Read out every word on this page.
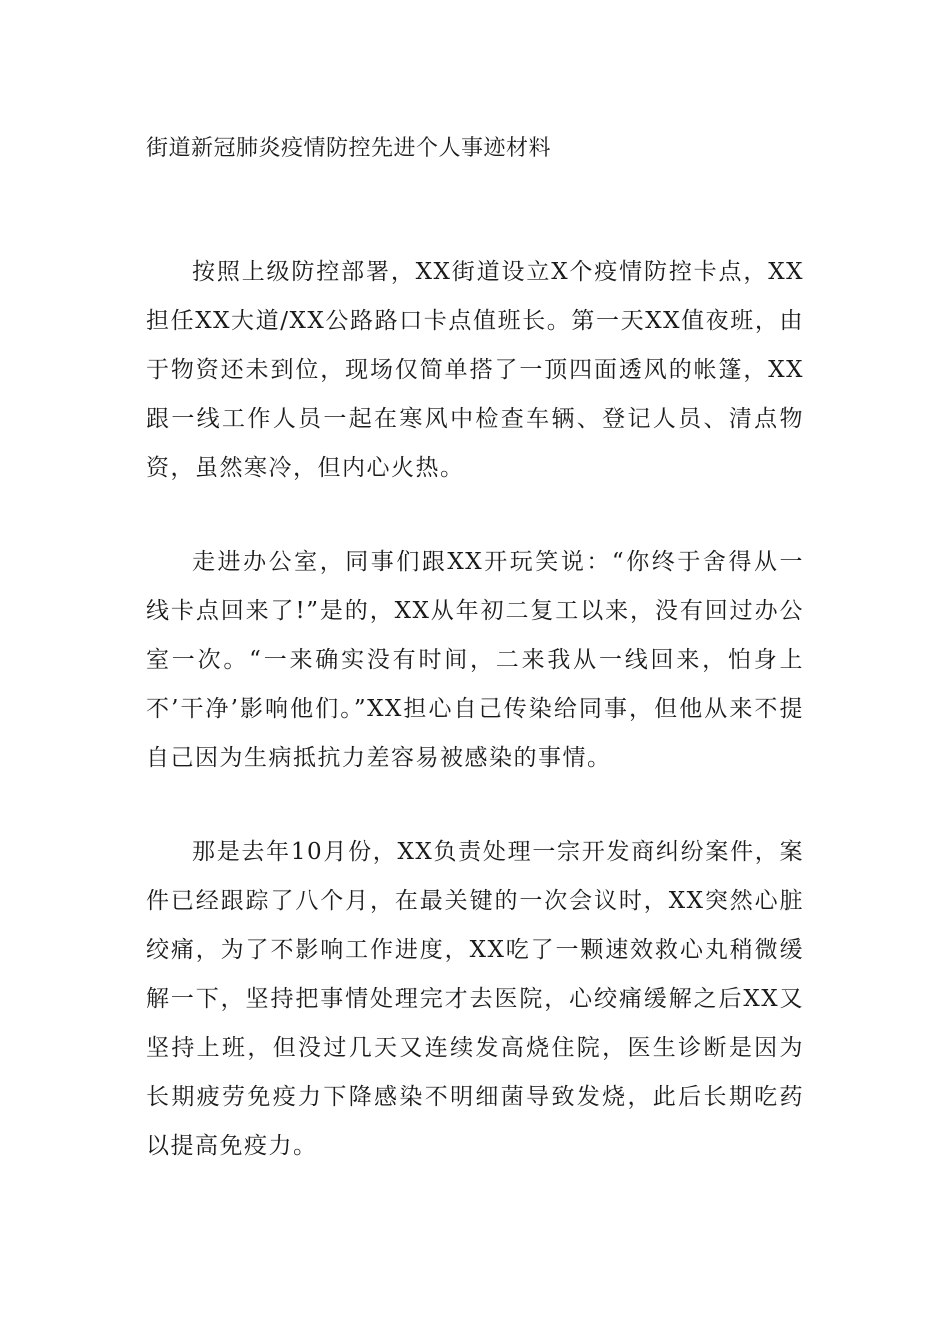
街道新冠肺炎疫情防控先进个人事迹材料

按照上级防控部署，XX街道设立X个疫情防控卡点，XX担任XX大道/XX公路路口卡点值班长。第一天XX值夜班，由于物资还未到位，现场仅简单搭了一顶四面透风的帐篷，XX跟一线工作人员一起在寒风中检查车辆、登记人员、清点物资，虽然寒冷，但内心火热。

走进办公室，同事们跟XX开玩笑说：“你终于舍得从一线卡点回来了!”是的，XX从年初二复工以来，没有回过办公室一次。“一来确实没有时间，二来我从一线回来，怕身上不’干净’影响他们。”XX担心自己传染给同事，但他从来不提自己因为生病抵抗力差容易被感染的事情。

那是去年10月份，XX负责处理一宗开发商纠纷案件，案件已经跟踪了八个月，在最关键的一次会议时，XX突然心脏绞痛，为了不影响工作进度，XX吃了一颗速效救心丸稍微缓解一下，坚持把事情处理完才去医院，心绞痛缓解之后XX又坚持上班，但没过几天又连续发高烧住院，医生诊断是因为长期疲劳免疫力下降感染不明细菌导致发烧，此后长期吃药以提高免疫力。
